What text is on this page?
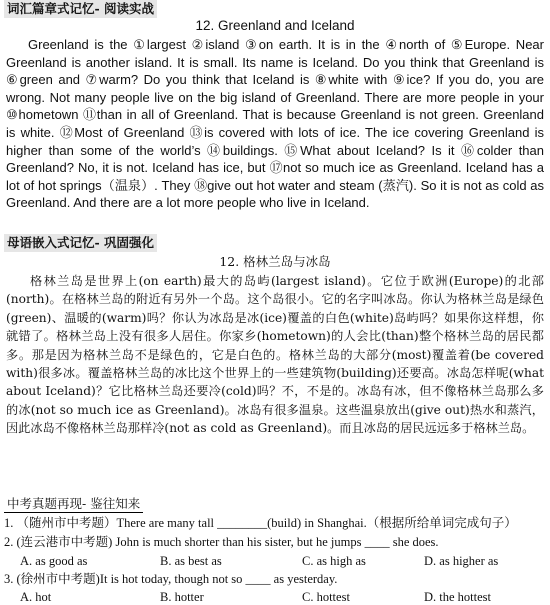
词汇篇章式记忆- 阅读实战
12. Greenland and Iceland
Greenland is the ①largest ②island ③on earth. It is in the ④north of ⑤Europe. Near Greenland is another island. It is small. Its name is Iceland. Do you think that Greenland is ⑥green and ⑦warm? Do you think that Iceland is ⑧white with ⑨ice? If you do, you are wrong. Not many people live on the big island of Greenland. There are more people in your ⑩hometown ⑪than in all of Greenland. That is because Greenland is not green. Greenland is white. ⑫Most of Greenland ⑬is covered with lots of ice. The ice covering Greenland is higher than some of the world’s ⑭buildings. ⑮What about Iceland? Is it ⑯colder than Greenland? No, it is not. Iceland has ice, but ⑰not so much ice as Greenland. Iceland has a lot of hot springs（温泉）. They ⑱give out hot water and steam (蒸汽). So it is not as cold as Greenland. And there are a lot more people who live in Iceland.
母语嵌入式记忆- 巩固强化
12. 格林兰岛与冰岛
格林兰岛是世界上(on earth)最大的岛屿(largest island)。它位于欧洲(Europe)的北部(north)。在格林兰岛的附近有另外一个岛。这个岛很小。它的名字叫冰岛。你认为格林兰岛是绿色(green)、温暖的(warm)吗？你认为冰岛是冰(ice)覆盖的白色(white)岛屿吗？如果你这样想，你就错了。格林兰岛上没有很多人居住。你家乡(hometown)的人会比(than)整个格林兰岛的居民都多。那是因为格林兰岛不是绿色的，它是白色的。格林兰岛的大部分(most)覆盖着(be covered with)很多冰。覆盖格林兰岛的冰比这个世界上的一些建筑物(building)还要高。冰岛怎样呢(what about Iceland)？它比格林兰岛还要冷(cold)吗？不，不是的。冰岛有冰，但不像格林兰岛那么多的冰(not so much ice as Greenland)。冰岛有很多温泉。这些温泉放出(give out)热水和蒸汽，因此冰岛不像格林兰岛那样冷(not as cold as Greenland)。而且冰岛的居民远远多于格林兰岛。
中考真题再现- 鉴往知来
1. （随州市中考题）There are many tall ________(build) in Shanghai.（根据所给单词完成句子）
2. (连云港市中考题) John is much shorter than his sister, but he jumps ____ she does.
A. as good as	B. as best as	C. as high as	D. as higher as
3. (徐州市中考题)It is hot today, though not so ____ as yesterday.
A. hot	B. hotter	C. hottest	D. the hottest
